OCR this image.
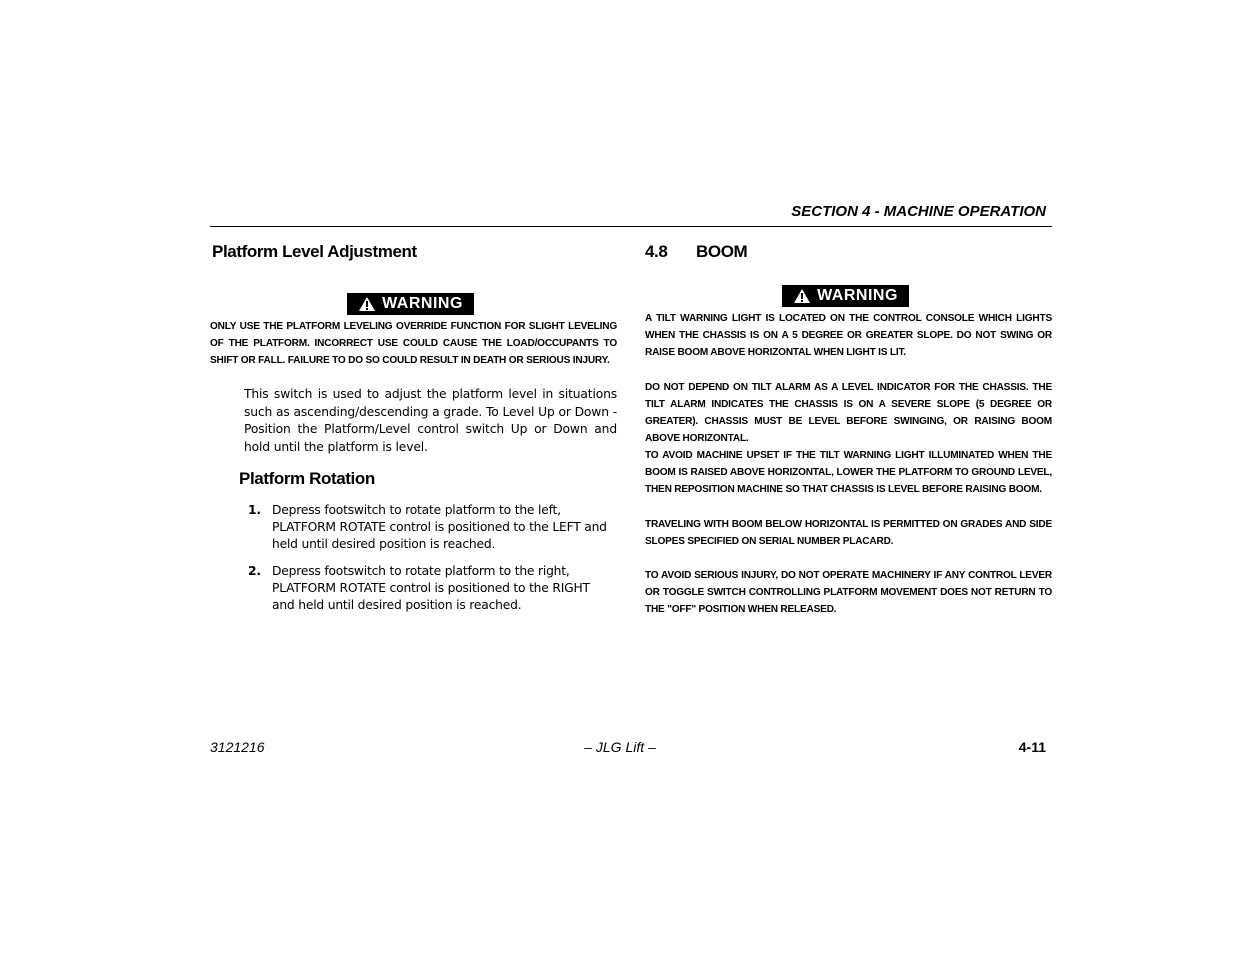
SECTION 4 - MACHINE OPERATION
Platform Level Adjustment
WARNING
ONLY USE THE PLATFORM LEVELING OVERRIDE FUNCTION FOR SLIGHT LEVELING OF THE PLATFORM. INCORRECT USE COULD CAUSE THE LOAD/OCCUPANTS TO SHIFT OR FALL. FAILURE TO DO SO COULD RESULT IN DEATH OR SERIOUS INJURY.
This switch is used to adjust the platform level in situations such as ascending/descending a grade. To Level Up or Down - Position the Platform/Level control switch Up or Down and hold until the platform is level.
Platform Rotation
1. Depress footswitch to rotate platform to the left, PLATFORM ROTATE control is positioned to the LEFT and held until desired position is reached.
2. Depress footswitch to rotate platform to the right, PLATFORM ROTATE control is positioned to the RIGHT and held until desired position is reached.
4.8 BOOM
WARNING
A TILT WARNING LIGHT IS LOCATED ON THE CONTROL CONSOLE WHICH LIGHTS WHEN THE CHASSIS IS ON A 5 DEGREE OR GREATER SLOPE. DO NOT SWING OR RAISE BOOM ABOVE HORIZONTAL WHEN LIGHT IS LIT.
DO NOT DEPEND ON TILT ALARM AS A LEVEL INDICATOR FOR THE CHASSIS. THE TILT ALARM INDICATES THE CHASSIS IS ON A SEVERE SLOPE (5 DEGREE OR GREATER). CHASSIS MUST BE LEVEL BEFORE SWINGING, OR RAISING BOOM ABOVE HORIZONTAL.
TO AVOID MACHINE UPSET IF THE TILT WARNING LIGHT ILLUMINATED WHEN THE BOOM IS RAISED ABOVE HORIZONTAL, LOWER THE PLATFORM TO GROUND LEVEL, THEN REPOSITION MACHINE SO THAT CHASSIS IS LEVEL BEFORE RAISING BOOM.
TRAVELING WITH BOOM BELOW HORIZONTAL IS PERMITTED ON GRADES AND SIDE SLOPES SPECIFIED ON SERIAL NUMBER PLACARD.
TO AVOID SERIOUS INJURY, DO NOT OPERATE MACHINERY IF ANY CONTROL LEVER OR TOGGLE SWITCH CONTROLLING PLATFORM MOVEMENT DOES NOT RETURN TO THE "OFF" POSITION WHEN RELEASED.
3121216	– JLG Lift –	4-11
